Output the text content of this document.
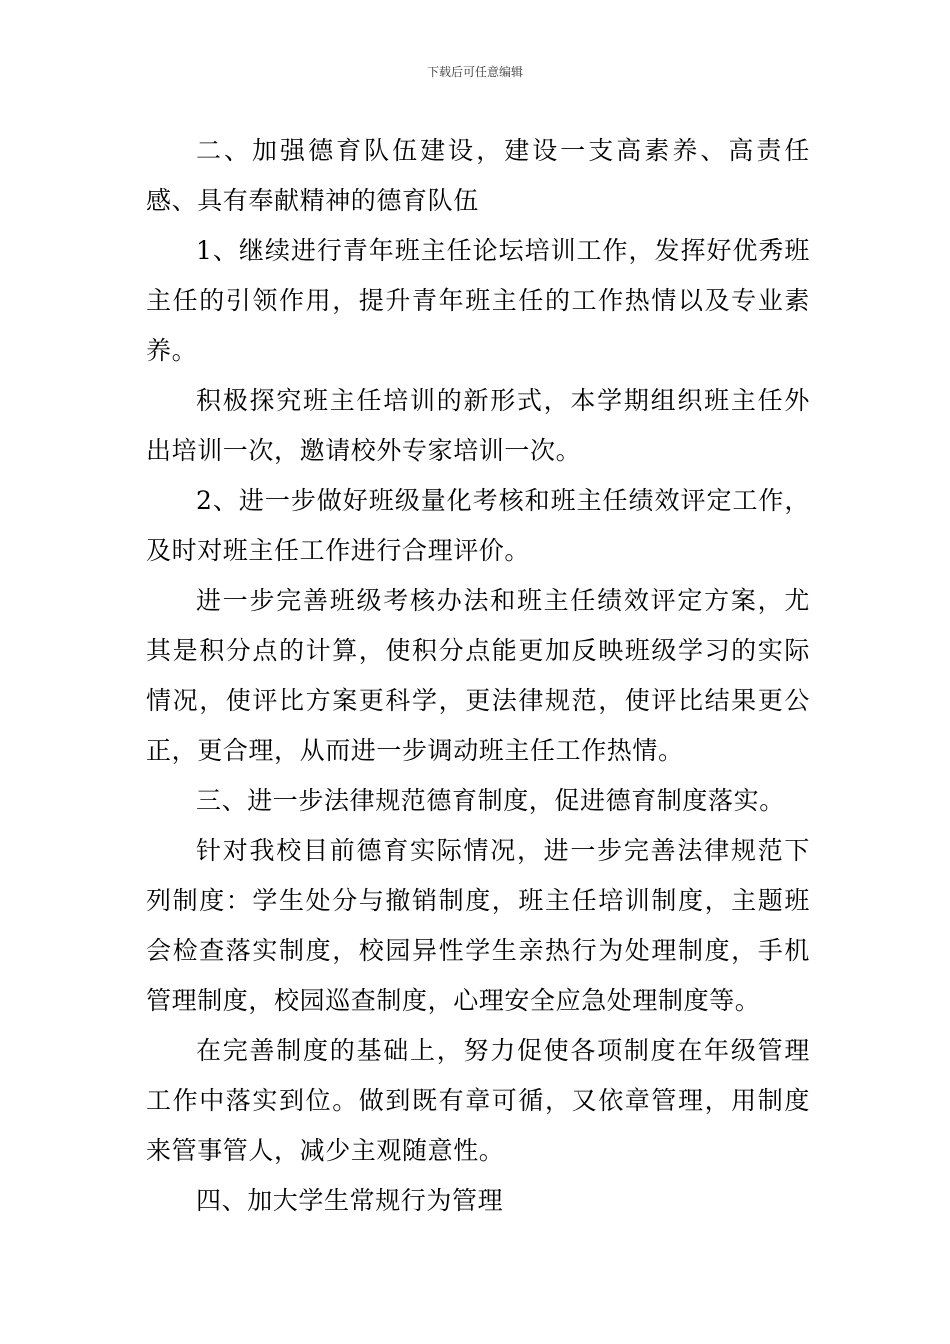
下载后可任意编辑

二、加强德育队伍建设，建设一支高素养、高责任感、具有奉献精神的德育队伍

1、继续进行青年班主任论坛培训工作，发挥好优秀班主任的引领作用，提升青年班主任的工作热情以及专业素养。

积极探究班主任培训的新形式，本学期组织班主任外出培训一次，邀请校外专家培训一次。

2、进一步做好班级量化考核和班主任绩效评定工作，及时对班主任工作进行合理评价。

进一步完善班级考核办法和班主任绩效评定方案，尤其是积分点的计算，使积分点能更加反映班级学习的实际情况，使评比方案更科学，更法律规范，使评比结果更公正，更合理，从而进一步调动班主任工作热情。

三、进一步法律规范德育制度，促进德育制度落实。

针对我校目前德育实际情况，进一步完善法律规范下列制度：学生处分与撤销制度，班主任培训制度，主题班会检查落实制度，校园异性学生亲热行为处理制度，手机管理制度，校园巡查制度，心理安全应急处理制度等。

在完善制度的基础上，努力促使各项制度在年级管理工作中落实到位。做到既有章可循，又依章管理，用制度来管事管人，减少主观随意性。

四、加大学生常规行为管理
